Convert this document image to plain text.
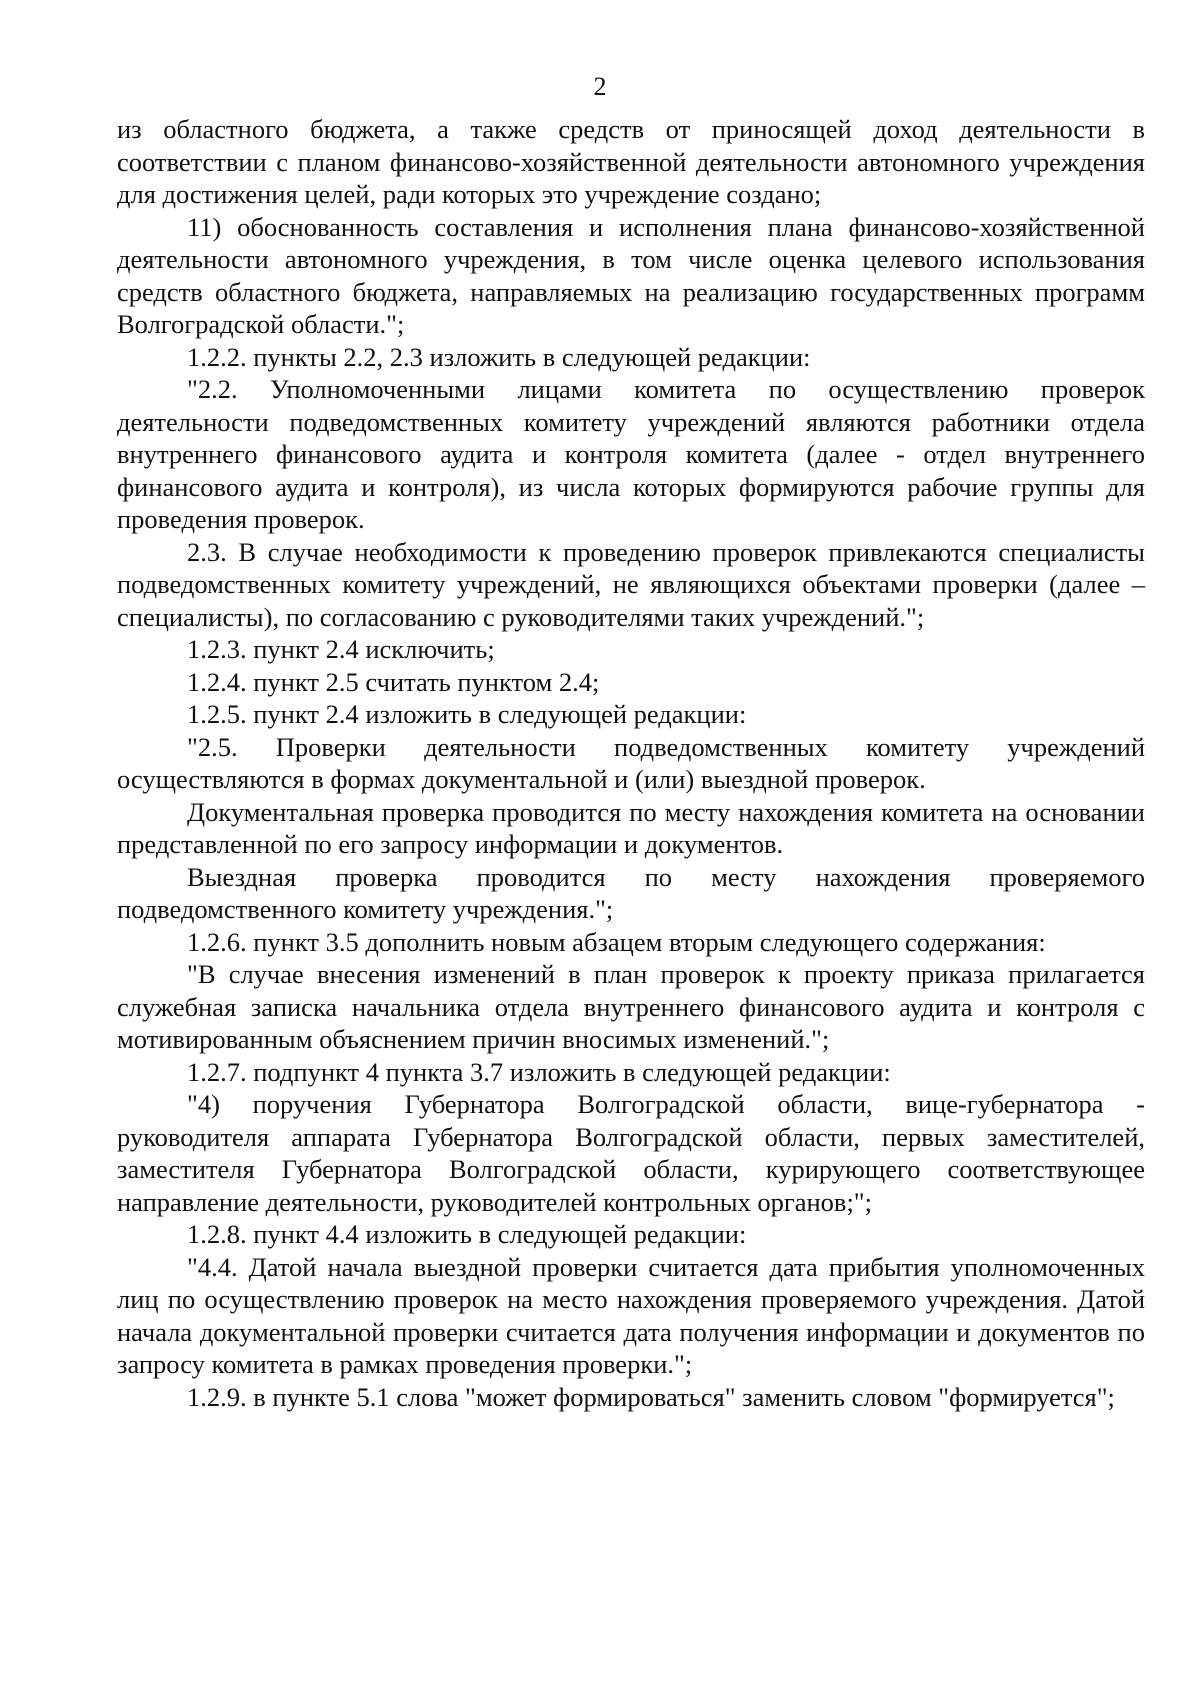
2

из областного бюджета, а также средств от приносящей доход деятельности в соответствии с планом финансово-хозяйственной деятельности автономного учреждения для достижения целей, ради которых это учреждение создано;

11) обоснованность составления и исполнения плана финансово-хозяйственной деятельности автономного учреждения, в том числе оценка целевого использования средств областного бюджета, направляемых на реализацию государственных программ Волгоградской области.";

1.2.2. пункты 2.2, 2.3 изложить в следующей редакции:

"2.2. Уполномоченными лицами комитета по осуществлению проверок деятельности подведомственных комитету учреждений являются работники отдела внутреннего финансового аудита и контроля комитета (далее - отдел внутреннего финансового аудита и контроля), из числа которых формируются рабочие группы для проведения проверок.

2.3. В случае необходимости к проведению проверок привлекаются специалисты подведомственных комитету учреждений, не являющихся объектами проверки (далее – специалисты), по согласованию с руководителями таких учреждений.";

1.2.3. пункт 2.4 исключить;

1.2.4. пункт 2.5 считать пунктом 2.4;

1.2.5. пункт 2.4 изложить в следующей редакции:

"2.5. Проверки деятельности подведомственных комитету учреждений осуществляются в формах документальной и (или) выездной проверок.

Документальная проверка проводится по месту нахождения комитета на основании представленной по его запросу информации и документов.

Выездная проверка проводится по месту нахождения проверяемого подведомственного комитету учреждения.";

1.2.6. пункт 3.5 дополнить новым абзацем вторым следующего содержания:

"В случае внесения изменений в план проверок к проекту приказа прилагается служебная записка начальника отдела внутреннего финансового аудита и контроля с мотивированным объяснением причин вносимых изменений.";

1.2.7. подпункт 4 пункта 3.7 изложить в следующей редакции:

"4) поручения Губернатора Волгоградской области, вице-губернатора - руководителя аппарата Губернатора Волгоградской области, первых заместителей, заместителя Губернатора Волгоградской области, курирующего соответствующее направление деятельности, руководителей контрольных органов;";

1.2.8. пункт 4.4 изложить в следующей редакции:

"4.4. Датой начала выездной проверки считается дата прибытия уполномоченных лиц по осуществлению проверок на место нахождения проверяемого учреждения. Датой начала документальной проверки считается дата получения информации и документов по запросу комитета в рамках проведения проверки.";

1.2.9. в пункте 5.1 слова "может формироваться" заменить словом "формируется";
